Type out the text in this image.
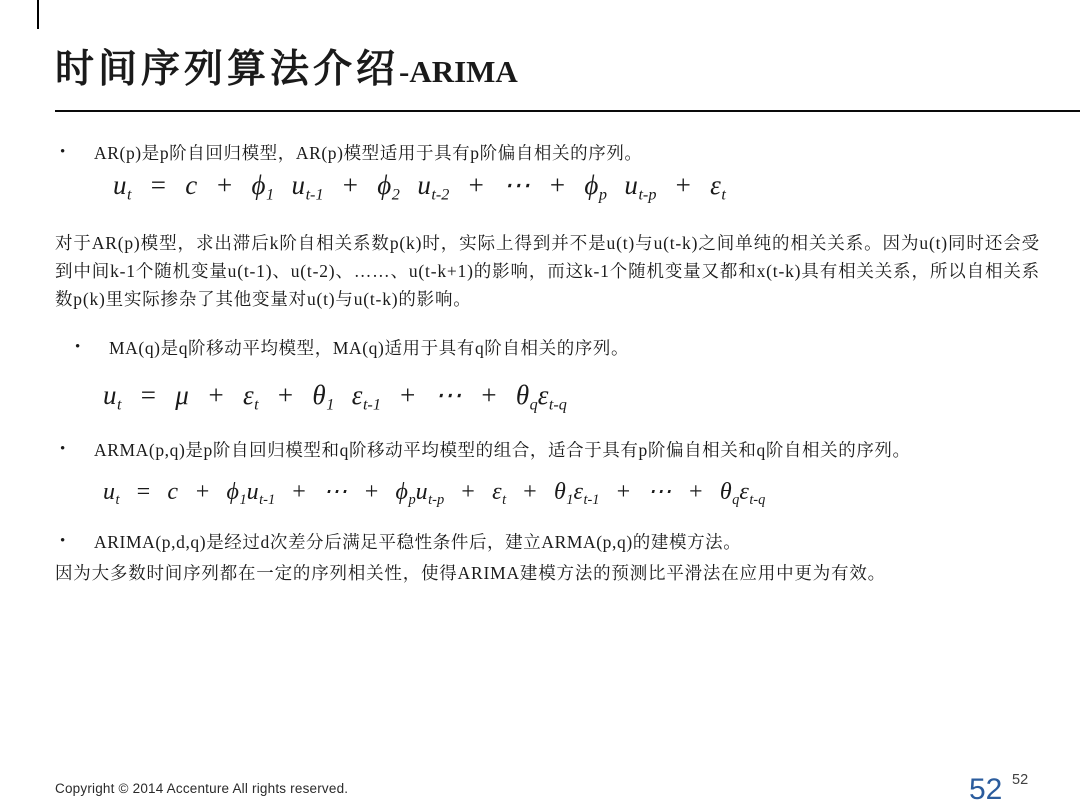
时间序列算法介绍-ARIMA
•	AR(p)是p阶自回归模型，AR(p)模型适用于具有p阶偏自相关的序列。
$u_t = c + \phi_1$ $u_{t-1} + \phi_2$ $u_{t-2}$ + ⋯ + $\phi_p$ $u_{t-p} + \varepsilon_t$
对于AR(p)模型，求出滞后k阶自相关系数p(k)时，实际上得到并不是u(t)与u(t-k)之间单纯的相关关系。因为u(t)同时还会受到中间k-1个随机变量u(t-1)、u(t-2)、……、u(t-k+1)的影响，而这k-1个随机变量又都和x(t-k)具有相关关系，所以自相关系数p(k)里实际掺杂了其他变量对u(t)与u(t-k)的影响。
•	MA(q)是q阶移动平均模型，MA(q)适用于具有q阶自相关的序列。
$u_t = \mu + \varepsilon_t + \theta_1$ $\varepsilon_{t-1}$ + ⋯ + $\theta_q\varepsilon_{t-q}$
•	ARMA(p,q)是p阶自回归模型和q阶移动平均模型的组合，适合于具有p阶偏自相关和q阶自相关的序列。
$u_t = c + \phi_1u_{t-1}$ + ⋯ + $\phi_pu_{t-p} + \varepsilon_t + \theta_1\varepsilon_{t-1}$ + ⋯ + $\theta_q\varepsilon_{t-q}$
•	ARIMA(p,d,q)是经过d次差分后满足平稳性条件后，建立ARMA(p,q)的建模方法。
因为大多数时间序列都在一定的序列相关性，使得ARIMA建模方法的预测比平滑法在应用中更为有效。
Copyright © 2014 Accenture All rights reserved.	52 52
